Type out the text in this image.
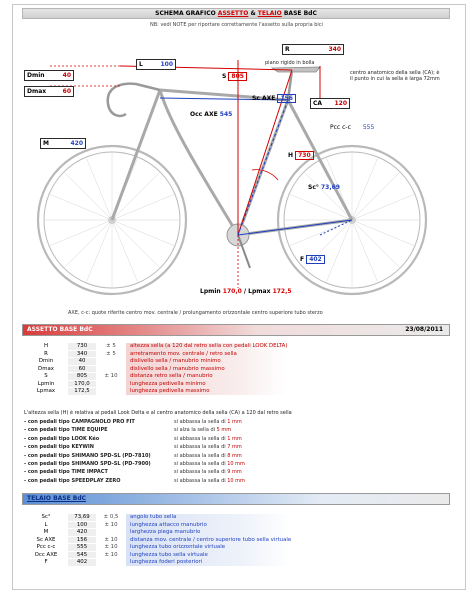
SCHEMA GRAFICO ASSETTO & TELAIO BASE BdC
NB: vedi NOTE per riportare correttamente l'assetto sulla propria bici
R	340
piano rigido in bolla
centro anatomico della sella (CA); è il punto in cui la sella è larga 72mm
L	100
Dmin	40
Dmax	60
S 805
Sc AXE 156
CA 120
Occ AXE 545
M	420
Pcc c-c 555
H 730
Sc° 73,69
F 402
Lpmin 170,0 / Lpmax 172,5
AXE, c-c: quote riferite centro mov. centrale / prolungamento orizzontale centro superiore tubo sterzo
ASSETTO BASE BdC	23/08/2011
H	730	± 5	altezza sella (a 120 dal retro sella con pedali LOOK DELTA)
R	340	± 5	arretramento mov. centrale / retro sella
Dmin	40		dislivello sella / manubrio minimo
Dmax	60		dislivello sella / manubrio massimo
S	805	± 10	distanza retro sella / manubrio
Lpmin	170,0		lunghezza pedivella minimo
Lpmax	172,5		lunghezza pedivella massimo
L'altezza sella (H) è relativa ai pedali Look Delta e al centro anatomico della sella (CA) a 120 dal retro sella
- con pedali tipo CAMPAGNOLO PRO FIT	si abbassa la sella di 1 mm
- con pedali tipo TIME EQUIPE	si alza la sella di 5 mm
- con pedali tipo LOOK Kéo	si abbassa la sella di 1 mm
- con pedali tipo KEYWIN	si abbassa la sella di 7 mm
- con pedali tipo SHIMANO SPD-SL (PD-7810)	si abbassa la sella di 8 mm
- con pedali tipo SHIMANO SPD-SL (PD-7900)	si abbassa la sella di 10 mm
- con pedali tipo TIME IMPACT	si abbassa la sella di 9 mm
- con pedali tipo SPEEDPLAY ZERO	si abbassa la sella di 10 mm
TELAIO BASE BdC
Sc°	73,69	± 0,5	angolo tubo sella
L	100	± 10	lunghezza attacco manubrio
M	420		larghezza piega manubrio
Sc AXE	156	± 10	distanza mov. centrale / centro superiore tubo sella virtuale
Pcc c-c	555	± 10	lunghezza tubo orizzontale virtuale
Occ AXE	545	± 10	lunghezza tubo sella virtuale
F	402		lunghezza foderi posteriori
